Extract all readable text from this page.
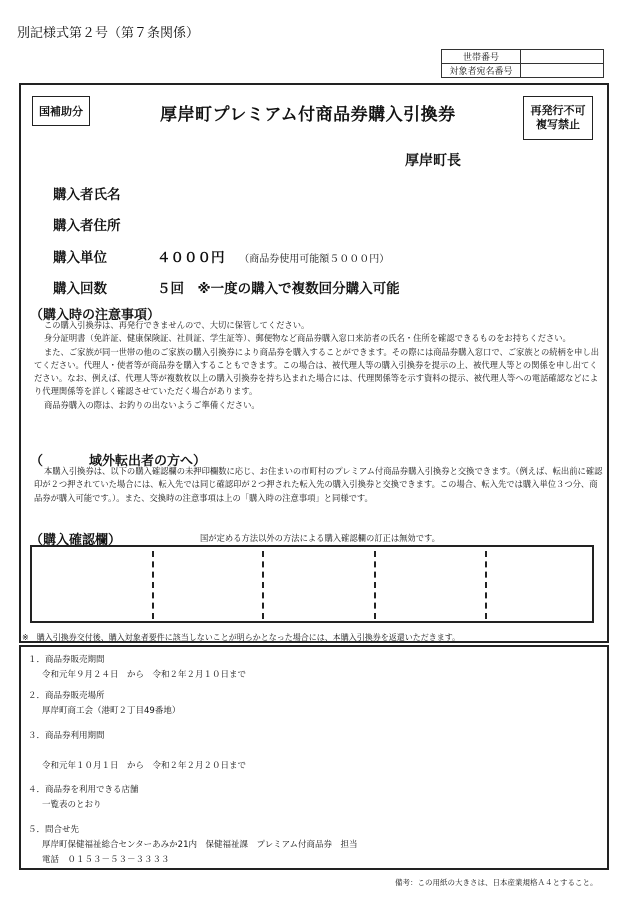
別記様式第２号（第７条関係）
世帯番号	
対象者宛名番号	
国補助分	厚岸町プレミアム付商品券購入引換券	再発行不可
複写禁止
厚岸町長
購入者氏名
購入者住所
購入単位	４０００円 （商品券使用可能額５０００円）
購入回数	５回　※一度の購入で複数回分購入可能
（購入時の注意事項）

この購入引換券は、再発行できませんので、大切に保管してください。

身分証明書（免許証、健康保険証、社員証、学生証等）、郵便物など商品券購入窓口来訪者の氏名・住所を確認できるものをお持ちください。

また、ご家族が同一世帯の他のご家族の購入引換券により商品券を購入することができます。その際には商品券購入窓口で、ご家族との続柄を申し出てください。代理人・使者等が商品券を購入することもできます。この場合は、被代理人等の購入引換券を提示の上、被代理人等との関係を申し出てください。なお、例えば、代理人等が複数枚以上の購入引換券を持ち込まれた場合には、代理関係等を示す資料の提示、被代理人等への電話確認などにより代理関係等を詳しく確認させていただく場合があります。

商品券購入の際は、お釣りの出ないようご準備ください。

（	域外転出者の方へ）

本購入引換券は、以下の購入確認欄の未押印欄数に応じ、お住まいの市町村のプレミアム付商品券購入引換券と交換できます。（例えば、転出前に確認印が２つ押されていた場合には、転入先では同じ確認印が２つ押された転入先の購入引換券と交換できます。この場合、転入先では購入単位３つ分、商品券が購入可能です。）。また、交換時の注意事項は上の「購入時の注意事項」と同様です。

（購入確認欄）	国が定める方法以外の方法による購入確認欄の訂正は無効です。
※　購入引換券交付後、購入対象者要件に該当しないことが明らかとなった場合には、本購入引換券を返還いただきます。
１．商品券販売期間
令和元年９月２４日　から　令和２年２月１０日まで
２．商品券販売場所
厚岸町商工会（港町２丁目49番地）
３．商品券利用期間
令和元年１０月１日　から　令和２年２月２０日まで
４．商品券を利用できる店舗
一覧表のとおり
５．問合せ先
厚岸町保健福祉総合センターあみか21内　保健福祉課　プレミアム付商品券　担当
電話　０１５３－５３－３３３３
備考：この用紙の大きさは、日本産業規格Ａ４とすること。
